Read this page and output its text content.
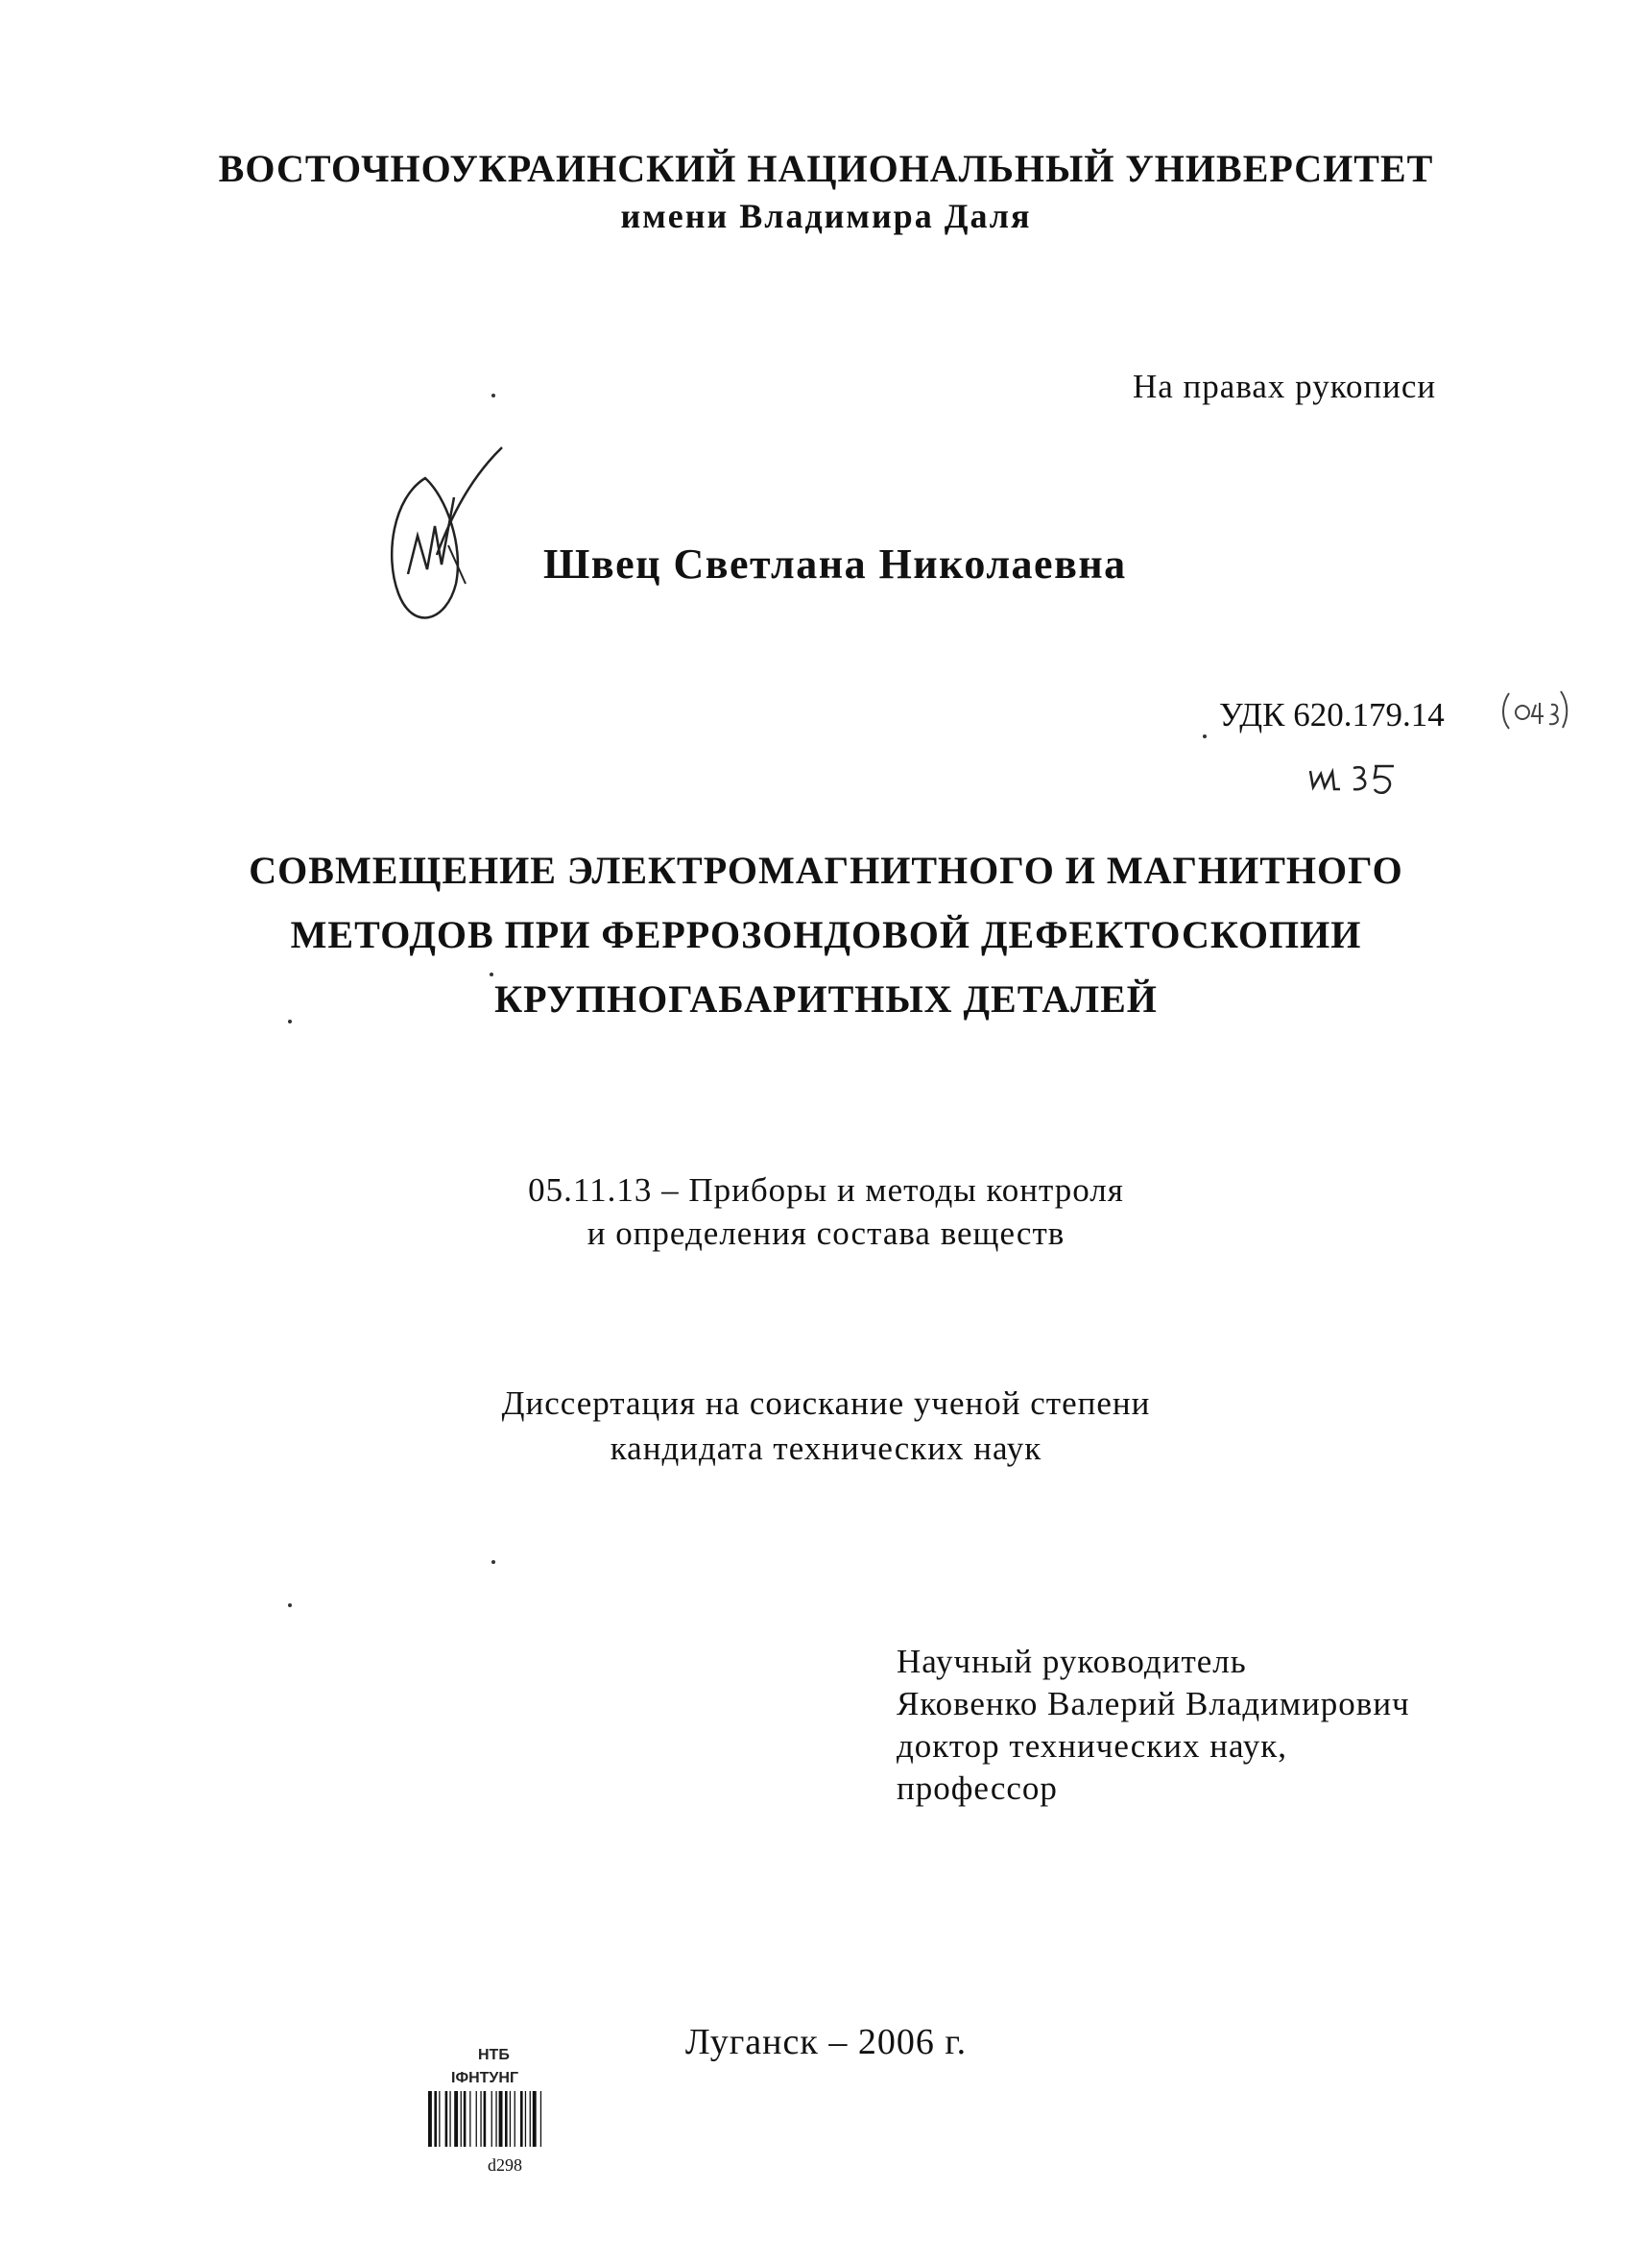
ВОСТОЧНОУКРАИНСКИЙ НАЦИОНАЛЬНЫЙ УНИВЕРСИТЕТ
имени Владимира Даля
На правах рукописи
Швец Светлана Николаевна
УДК 620.179.14
СОВМЕЩЕНИЕ ЭЛЕКТРОМАГНИТНОГО И МАГНИТНОГО
МЕТОДОВ ПРИ ФЕРРОЗОНДОВОЙ ДЕФЕКТОСКОПИИ
КРУПНОГАБАРИТНЫХ ДЕТАЛЕЙ
05.11.13 – Приборы и методы контроля
и определения состава веществ
Диссертация на соискание ученой степени
кандидата технических наук
Научный руководитель
Яковенко Валерий Владимирович
доктор технических наук,
профессор
Луганск – 2006 г.
НТБ
ІФНТУНГ
d298
